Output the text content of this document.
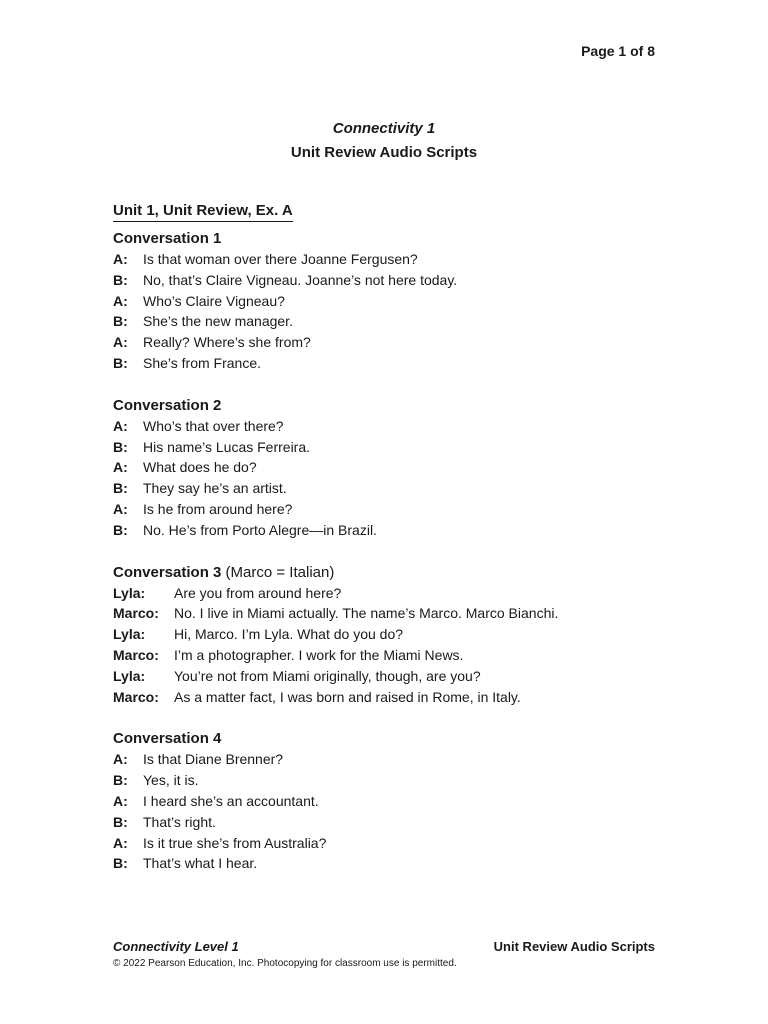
Page 1 of 8
Connectivity 1
Unit Review Audio Scripts
Unit 1, Unit Review, Ex. A
Conversation 1
A:	Is that woman over there Joanne Fergusen?
B:	No, that’s Claire Vigneau. Joanne’s not here today.
A:	Who’s Claire Vigneau?
B:	She’s the new manager.
A:	Really? Where’s she from?
B:	She’s from France.
Conversation 2
A:	Who’s that over there?
B:	His name’s Lucas Ferreira.
A:	What does he do?
B:	They say he’s an artist.
A:	Is he from around here?
B:	No. He’s from Porto Alegre—in Brazil.
Conversation 3 (Marco = Italian)
Lyla:	Are you from around here?
Marco:	No. I live in Miami actually. The name’s Marco. Marco Bianchi.
Lyla:	Hi, Marco. I’m Lyla. What do you do?
Marco:	I’m a photographer. I work for the Miami News.
Lyla:	You’re not from Miami originally, though, are you?
Marco:	As a matter fact, I was born and raised in Rome, in Italy.
Conversation 4
A:	Is that Diane Brenner?
B:	Yes, it is.
A:	I heard she’s an accountant.
B:	That’s right.
A:	Is it true she’s from Australia?
B:	That’s what I hear.
Connectivity Level 1	Unit Review Audio Scripts
© 2022 Pearson Education, Inc. Photocopying for classroom use is permitted.
